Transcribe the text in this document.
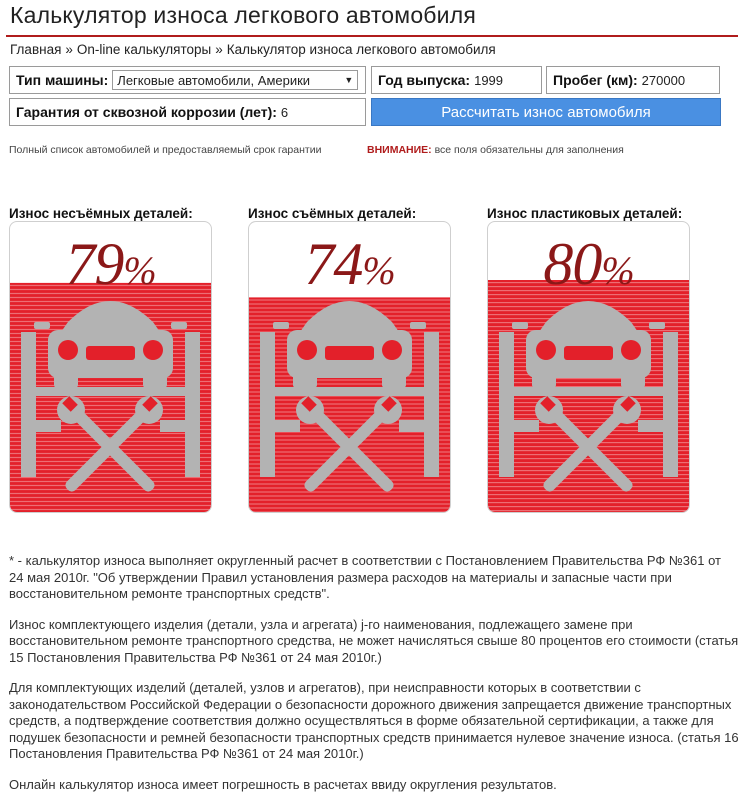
Калькулятор износа легкового автомобиля
Главная » On-line калькуляторы » Калькулятор износа легкового автомобиля
Тип машины: Легковые автомобили, Америки	▼ Год выпуска: 1999	Пробег (км): 270000
Гарантия от сквозной коррозии (лет): 6	Рассчитать износ автомобиля
Полный список автомобилей и предоставляемый срок гарантии	ВНИМАНИЕ: все поля обязательны для заполнения
Износ несъёмных деталей:
79%
Износ съёмных деталей:
74%
Износ пластиковых деталей:
80%

* - калькулятор износа выполняет округленный расчет в соответствии с Постановлением Правительства РФ №361 от 24 мая 2010г. "Об утверждении Правил установления размера расходов на материалы и запасные части при восстановительном ремонте транспортных средств".

Износ комплектующего изделия (детали, узла и агрегата) j-го наименования, подлежащего замене при восстановительном ремонте транспортного средства, не может начисляться свыше 80 процентов его стоимости (статья 15 Постановления Правительства РФ №361 от 24 мая 2010г.)

Для комплектующих изделий (деталей, узлов и агрегатов), при неисправности которых в соответствии с законодательством Российской Федерации о безопасности дорожного движения запрещается движение транспортных средств, а подтверждение соответствия должно осуществляться в форме обязательной сертификации, а также для подушек безопасности и ремней безопасности транспортных средств принимается нулевое значение износа. (статья 16 Постановления Правительства РФ №361 от 24 мая 2010г.)

Онлайн калькулятор износа имеет погрешность в расчетах ввиду округления результатов.
